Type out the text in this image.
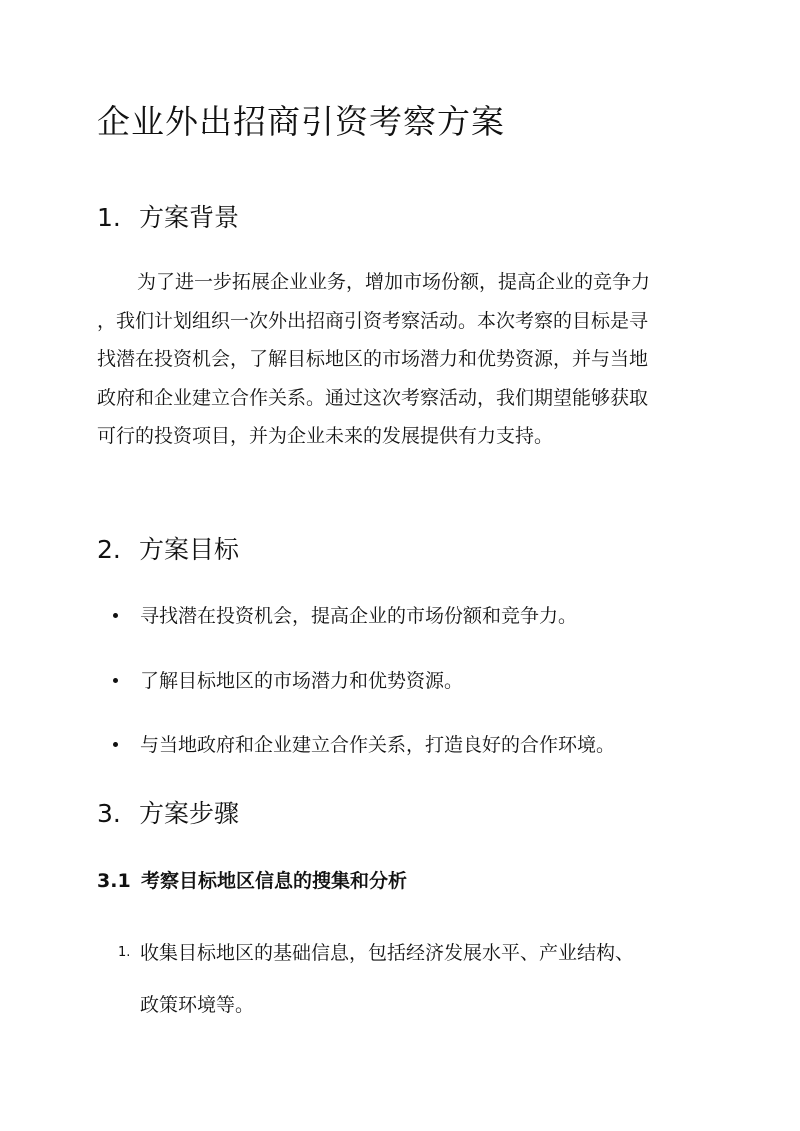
企业外出招商引资考察方案
1. 方案背景
为了进一步拓展企业业务，增加市场份额，提高企业的竞争力
，我们计划组织一次外出招商引资考察活动。本次考察的目标是寻
找潜在投资机会，了解目标地区的市场潜力和优势资源，并与当地
政府和企业建立合作关系。通过这次考察活动，我们期望能够获取
可行的投资项目，并为企业未来的发展提供有力支持。
2. 方案目标
寻找潜在投资机会，提高企业的市场份额和竞争力。
了解目标地区的市场潜力和优势资源。
与当地政府和企业建立合作关系，打造良好的合作环境。
3. 方案步骤
3.1 考察目标地区信息的搜集和分析
1. 收集目标地区的基础信息，包括经济发展水平、产业结构、
政策环境等。
